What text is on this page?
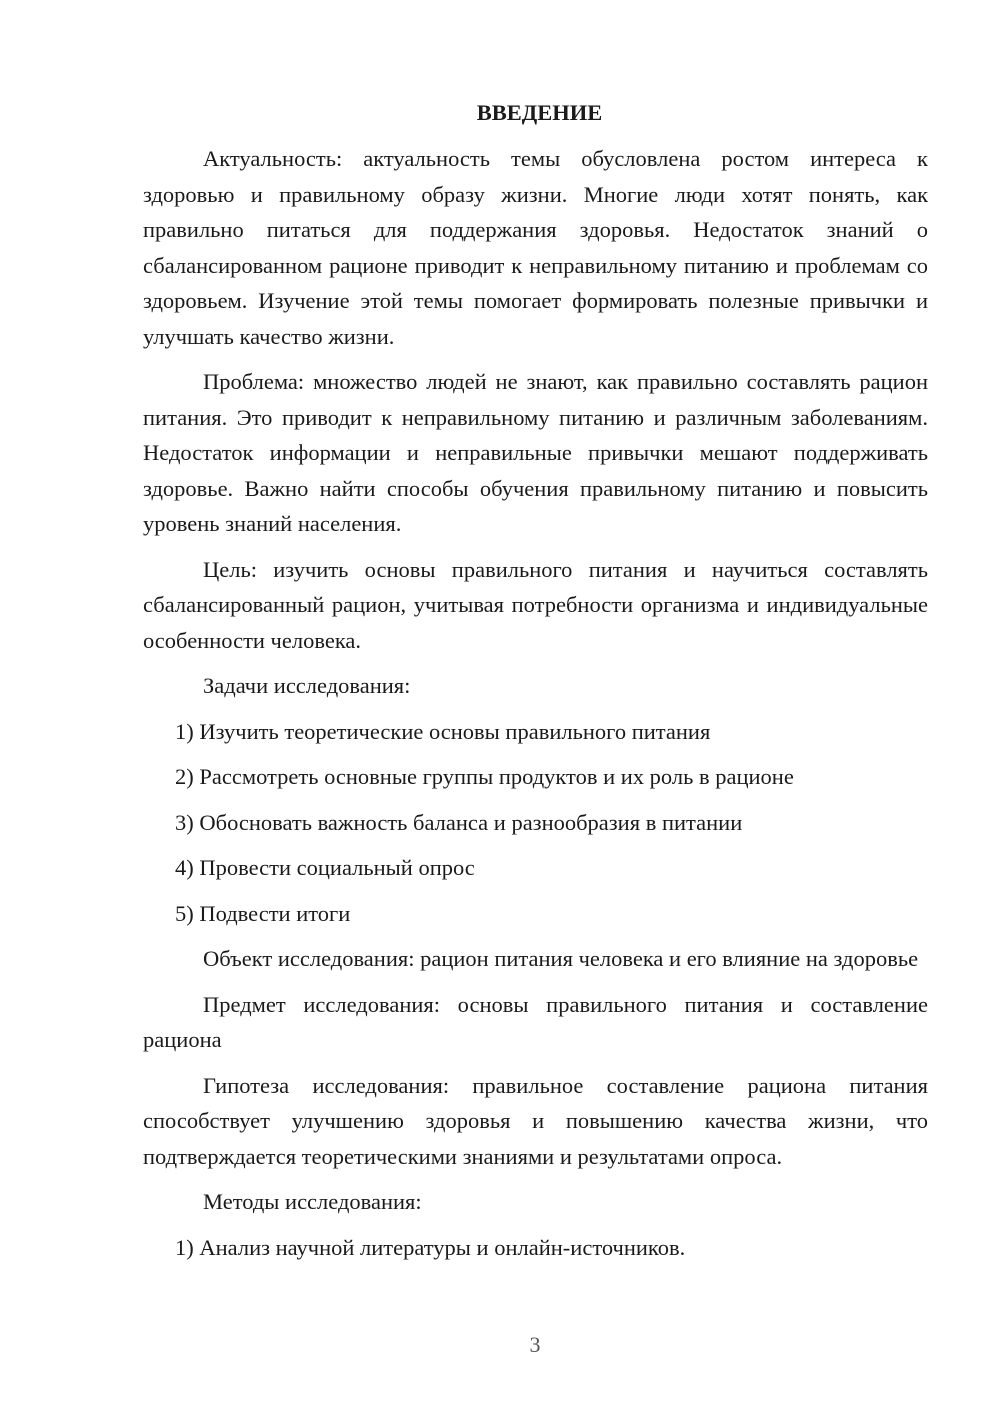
ВВЕДЕНИЕ

Актуальность: актуальность темы обусловлена ростом интереса к здоровью и правильному образу жизни. Многие люди хотят понять, как правильно питаться для поддержания здоровья. Недостаток знаний о сбалансированном рационе приводит к неправильному питанию и проблемам со здоровьем. Изучение этой темы помогает формировать полезные привычки и улучшать качество жизни.

Проблема: множество людей не знают, как правильно составлять рацион питания. Это приводит к неправильному питанию и различным заболеваниям. Недостаток информации и неправильные привычки мешают поддерживать здоровье. Важно найти способы обучения правильному питанию и повысить уровень знаний населения.

Цель: изучить основы правильного питания и научиться составлять сбалансированный рацион, учитывая потребности организма и индивидуальные особенности человека.

Задачи исследования:

1) Изучить теоретические основы правильного питания

2) Рассмотреть основные группы продуктов и их роль в рационе

3) Обосновать важность баланса и разнообразия в питании

4) Провести социальный опрос

5) Подвести итоги

Объект исследования: рацион питания человека и его влияние на здоровье

Предмет исследования: основы правильного питания и составление рациона

Гипотеза исследования: правильное составление рациона питания способствует улучшению здоровья и повышению качества жизни, что подтверждается теоретическими знаниями и результатами опроса.

Методы исследования:

1) Анализ научной литературы и онлайн-источников.

3
